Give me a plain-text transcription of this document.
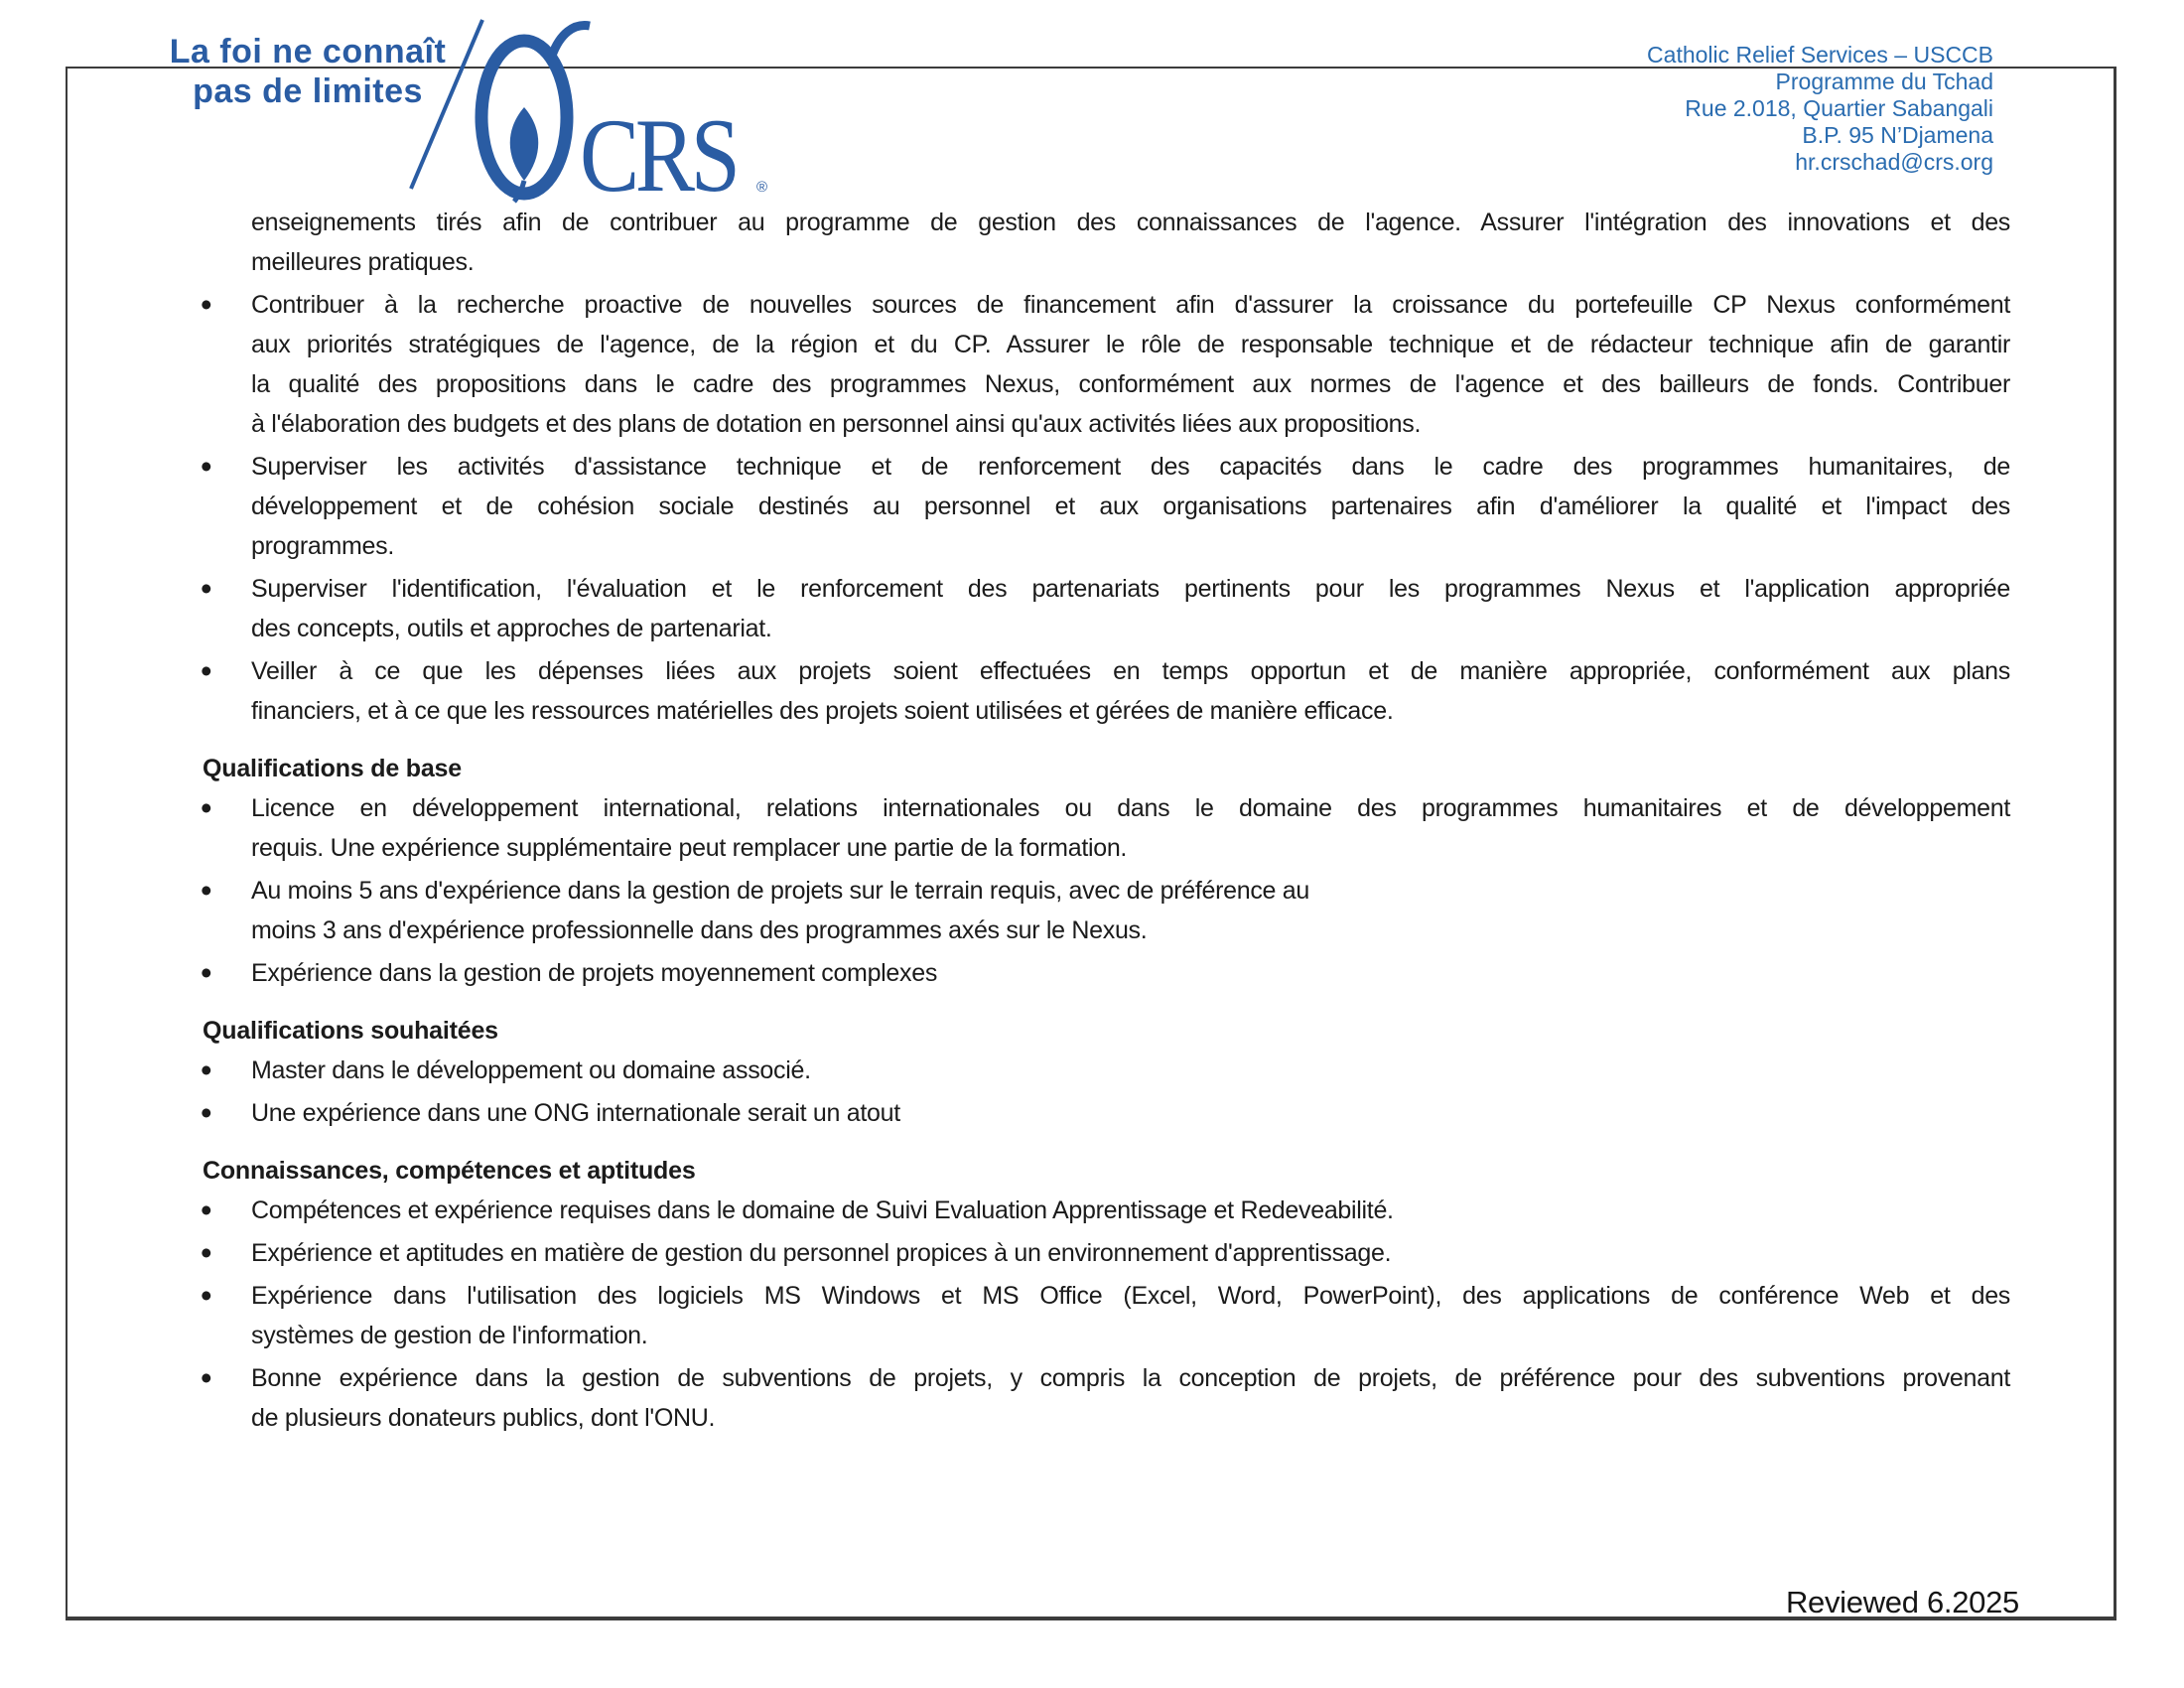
La foi ne connaît
pas de limites
CRS ®
Catholic Relief Services – USCCB
Programme du Tchad
Rue 2.018, Quartier Sabangali
B.P. 95 N’Djamena
hr.crschad@crs.org
enseignements tirés afin de contribuer au programme de gestion des connaissances de l'agence. Assurer l'intégration des innovations et des
meilleures pratiques.
• Contribuer à la recherche proactive de nouvelles sources de financement afin d'assurer la croissance du portefeuille CP Nexus conformément
aux priorités stratégiques de l'agence, de la région et du CP. Assurer le rôle de responsable technique et de rédacteur technique afin de garantir
la qualité des propositions dans le cadre des programmes Nexus, conformément aux normes de l'agence et des bailleurs de fonds. Contribuer
à l'élaboration des budgets et des plans de dotation en personnel ainsi qu'aux activités liées aux propositions.
• Superviser les activités d'assistance technique et de renforcement des capacités dans le cadre des programmes humanitaires, de
développement et de cohésion sociale destinés au personnel et aux organisations partenaires afin d'améliorer la qualité et l'impact des
programmes.
• Superviser l'identification, l'évaluation et le renforcement des partenariats pertinents pour les programmes Nexus et l'application appropriée
des concepts, outils et approches de partenariat.
• Veiller à ce que les dépenses liées aux projets soient effectuées en temps opportun et de manière appropriée, conformément aux plans
financiers, et à ce que les ressources matérielles des projets soient utilisées et gérées de manière efficace.
Qualifications de base
• Licence en développement international, relations internationales ou dans le domaine des programmes humanitaires et de développement
requis. Une expérience supplémentaire peut remplacer une partie de la formation.
• Au moins 5 ans d'expérience dans la gestion de projets sur le terrain requis, avec de préférence au
moins 3 ans d'expérience professionnelle dans des programmes axés sur le Nexus.
• Expérience dans la gestion de projets moyennement complexes
Qualifications souhaitées
• Master dans le développement ou domaine associé.
• Une expérience dans une ONG internationale serait un atout
Connaissances, compétences et aptitudes
• Compétences et expérience requises dans le domaine de Suivi Evaluation Apprentissage et Redeveabilité.
• Expérience et aptitudes en matière de gestion du personnel propices à un environnement d'apprentissage.
• Expérience dans l'utilisation des logiciels MS Windows et MS Office (Excel, Word, PowerPoint), des applications de conférence Web et des
systèmes de gestion de l'information.
• Bonne expérience dans la gestion de subventions de projets, y compris la conception de projets, de préférence pour des subventions provenant
de plusieurs donateurs publics, dont l'ONU.
Reviewed 6.2025
